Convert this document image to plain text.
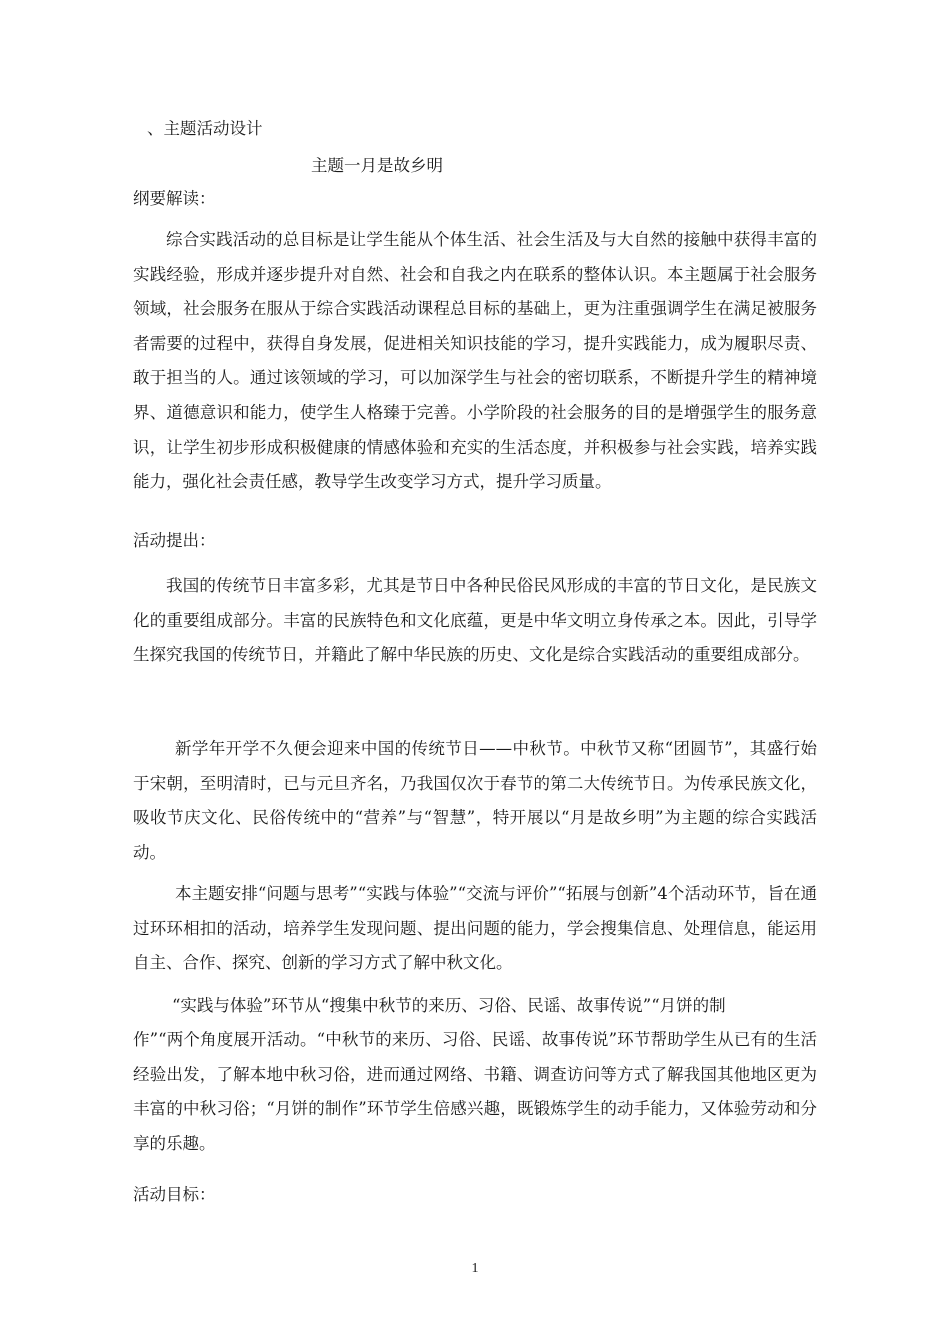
、主题活动设计
主题一月是故乡明
纲要解读：

综合实践活动的总目标是让学生能从个体生活、社会生活及与大自然的接触中获得丰富的实践经验，形成并逐步提升对自然、社会和自我之内在联系的整体认识。本主题属于社会服务领域，社会服务在服从于综合实践活动课程总目标的基础上，更为注重强调学生在满足被服务者需要的过程中，获得自身发展，促进相关知识技能的学习，提升实践能力，成为履职尽责、敢于担当的人。通过该领域的学习，可以加深学生与社会的密切联系，不断提升学生的精神境界、道德意识和能力，使学生人格臻于完善。小学阶段的社会服务的目的是增强学生的服务意识，让学生初步形成积极健康的情感体验和充实的生活态度，并积极参与社会实践，培养实践能力，强化社会责任感，教导学生改变学习方式，提升学习质量。

活动提出：

我国的传统节日丰富多彩，尤其是节日中各种民俗民风形成的丰富的节日文化，是民族文化的重要组成部分。丰富的民族特色和文化底蕴，更是中华文明立身传承之本。因此，引导学生探究我国的传统节日，并籍此了解中华民族的历史、文化是综合实践活动的重要组成部分。

新学年开学不久便会迎来中国的传统节日——中秋节。中秋节又称“团圆节”，其盛行始于宋朝，至明清时，已与元旦齐名，乃我国仅次于春节的第二大传统节日。为传承民族文化，吸收节庆文化、民俗传统中的“营养”与“智慧”，特开展以“月是故乡明”为主题的综合实践活动。

本主题安排“问题与思考”“实践与体验”“交流与评价”“拓展与创新”4个活动环节，旨在通过环环相扣的活动，培养学生发现问题、提出问题的能力，学会搜集信息、处理信息，能运用自主、合作、探究、创新的学习方式了解中秋文化。

“实践与体验”环节从“搜集中秋节的来历、习俗、民谣、故事传说”“月饼的制

作”“两个角度展开活动。“中秋节的来历、习俗、民谣、故事传说”环节帮助学生从已有的生活经验出发，了解本地中秋习俗，进而通过网络、书籍、调查访问等方式了解我国其他地区更为丰富的中秋习俗；“月饼的制作”环节学生倍感兴趣，既锻炼学生的动手能力，又体验劳动和分享的乐趣。

活动目标：
1
